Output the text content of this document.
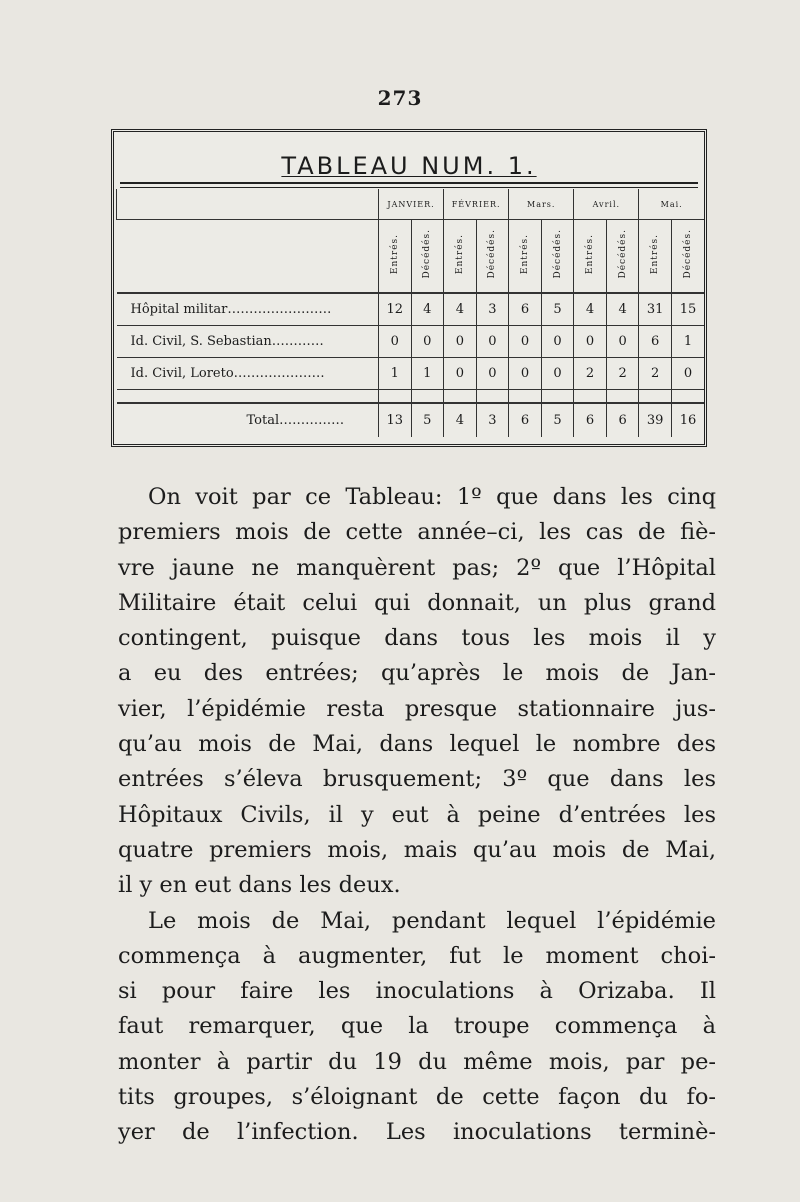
273
TABLEAU NUM. 1.
	JANVIER.		FÉVRIER.		Mars.		Avril.		Mai.	
	Entrés.	Décédés.	Entrés.	Décédés.	Entrés.	Décédés.	Entrés.	Décédés.	Entrés.	Décédés.
Hôpital militar……………………	12	4	4	3	6	5	4	4	31	15
Id. Civil, S. Sebastian…………	0	0	0	0	0	0	0	0	6	1
Id. Civil, Loreto…………………	1	1	0	0	0	0	2	2	2	0

Total……………	13	5	4	3	6	5	6	6	39	16

On voit par ce Tableau: 1º que dans les cinq

premiers mois de cette année–ci, les cas de fiè-

vre jaune ne manquèrent pas; 2º que l’Hôpital

Militaire était celui qui donnait, un plus grand

contingent, puisque dans tous les mois il y

a eu des entrées; qu’après le mois de Jan-

vier, l’épidémie resta presque stationnaire jus-

qu’au mois de Mai, dans lequel le nombre des

entrées s’éleva brusquement; 3º que dans les

Hôpitaux Civils, il y eut à peine d’entrées les

quatre premiers mois, mais qu’au mois de Mai,

il y en eut dans les deux.

Le mois de Mai, pendant lequel l’épidémie

commença à augmenter, fut le moment choi-

si pour faire les inoculations à Orizaba. Il

faut remarquer, que la troupe commença à

monter à partir du 19 du même mois, par pe-

tits groupes, s’éloignant de cette façon du fo-

yer de l’infection. Les inoculations terminè-
